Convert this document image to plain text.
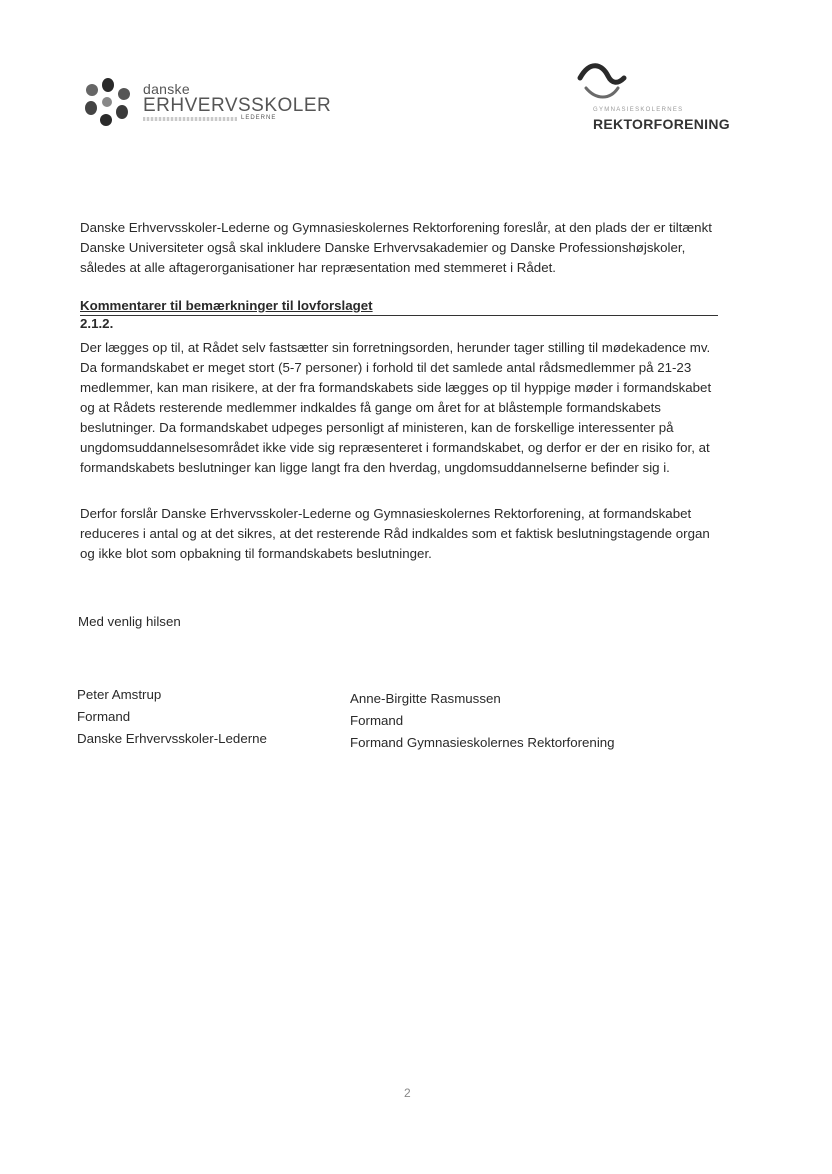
danske
ERHVERVSSKOLER
LEDERNE
GYMNASIESKOLERNES
REKTORFORENING

Danske Erhvervsskoler-Lederne og Gymnasieskolernes Rektorforening foreslår, at den plads der er tiltænkt

Danske Universiteter også skal inkludere Danske Erhvervsakademier og Danske Professionshøjskoler,

således at alle aftagerorganisationer har repræsentation med stemmeret i Rådet.

Kommentarer til bemærkninger til lovforslaget
2.1.2.

Der lægges op til, at Rådet selv fastsætter sin forretningsorden, herunder tager stilling til mødekadence mv.

Da formandskabet er meget stort (5-7 personer) i forhold til det samlede antal rådsmedlemmer på 21-23

medlemmer, kan man risikere, at der fra formandskabets side lægges op til hyppige møder i formandskabet

og at Rådets resterende medlemmer indkaldes få gange om året for at blåstemple formandskabets

beslutninger. Da formandskabet udpeges personligt af ministeren, kan de forskellige interessenter på

ungdomsuddannelsesområdet ikke vide sig repræsenteret i formandskabet, og derfor er der en risiko for, at

formandskabets beslutninger kan ligge langt fra den hverdag, ungdomsuddannelserne befinder sig i.

Derfor forslår Danske Erhvervsskoler-Lederne og Gymnasieskolernes Rektorforening, at formandskabet

reduceres i antal og at det sikres, at det resterende Råd indkaldes som et faktisk beslutningstagende organ

og ikke blot som opbakning til formandskabets beslutninger.

Med venlig hilsen
Peter Amstrup
Formand
Danske Erhvervsskoler-Lederne
Anne-Birgitte Rasmussen
Formand
Formand Gymnasieskolernes Rektorforening
2
